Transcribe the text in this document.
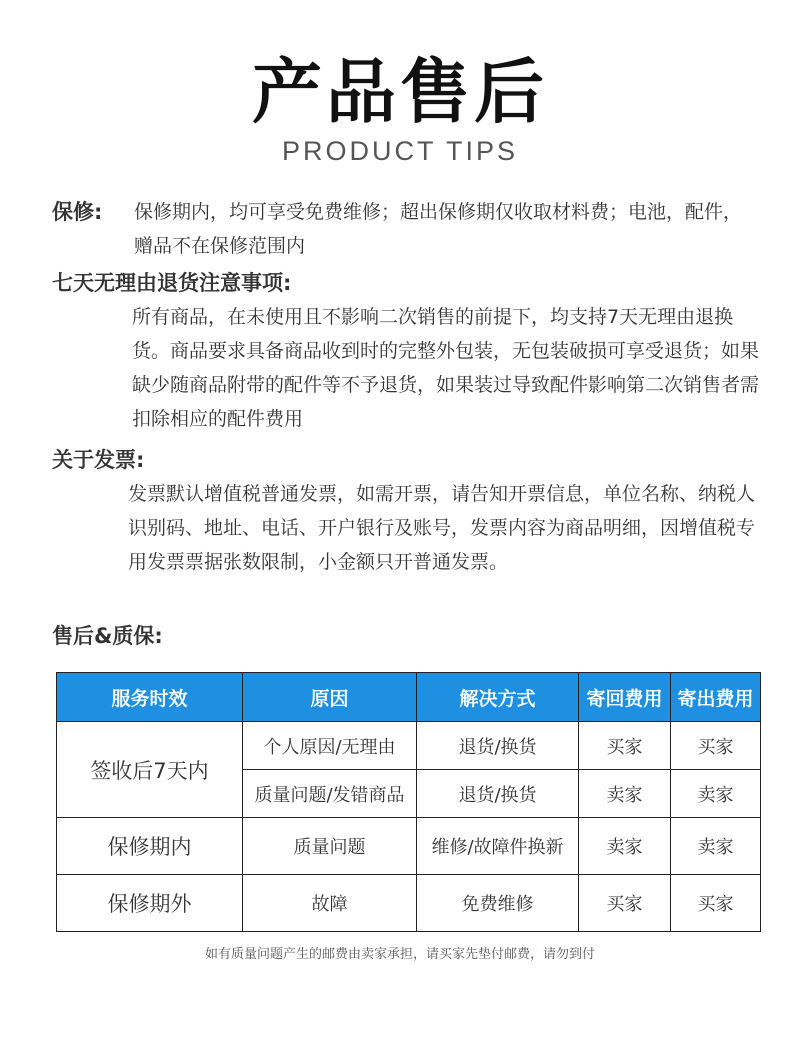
产品售后
PRODUCT TIPS
保修: 保修期内，均可享受免费维修；超出保修期仅收取材料费；电池，配件，赠品不在保修范围内
七天无理由退货注意事项:
所有商品，在未使用且不影响二次销售的前提下，均支持7天无理由退换货。商品要求具备商品收到时的完整外包装，无包装破损可享受退货；如果缺少随商品附带的配件等不予退货，如果装过导致配件影响第二次销售者需扣除相应的配件费用
关于发票:
发票默认增值税普通发票，如需开票，请告知开票信息，单位名称、纳税人识别码、地址、电话、开户银行及账号，发票内容为商品明细，因增值税专用发票票据张数限制，小金额只开普通发票。
售后&质保:
服务时效	原因	解决方式	寄回费用	寄出费用
签收后7天内	个人原因/无理由	退货/换货	买家	买家
	质量问题/发错商品	退货/换货	卖家	卖家
保修期内	质量问题	维修/故障件换新	卖家	卖家
保修期外	故障	免费维修	买家	买家
如有质量问题产生的邮费由卖家承担，请买家先垫付邮费，请勿到付
